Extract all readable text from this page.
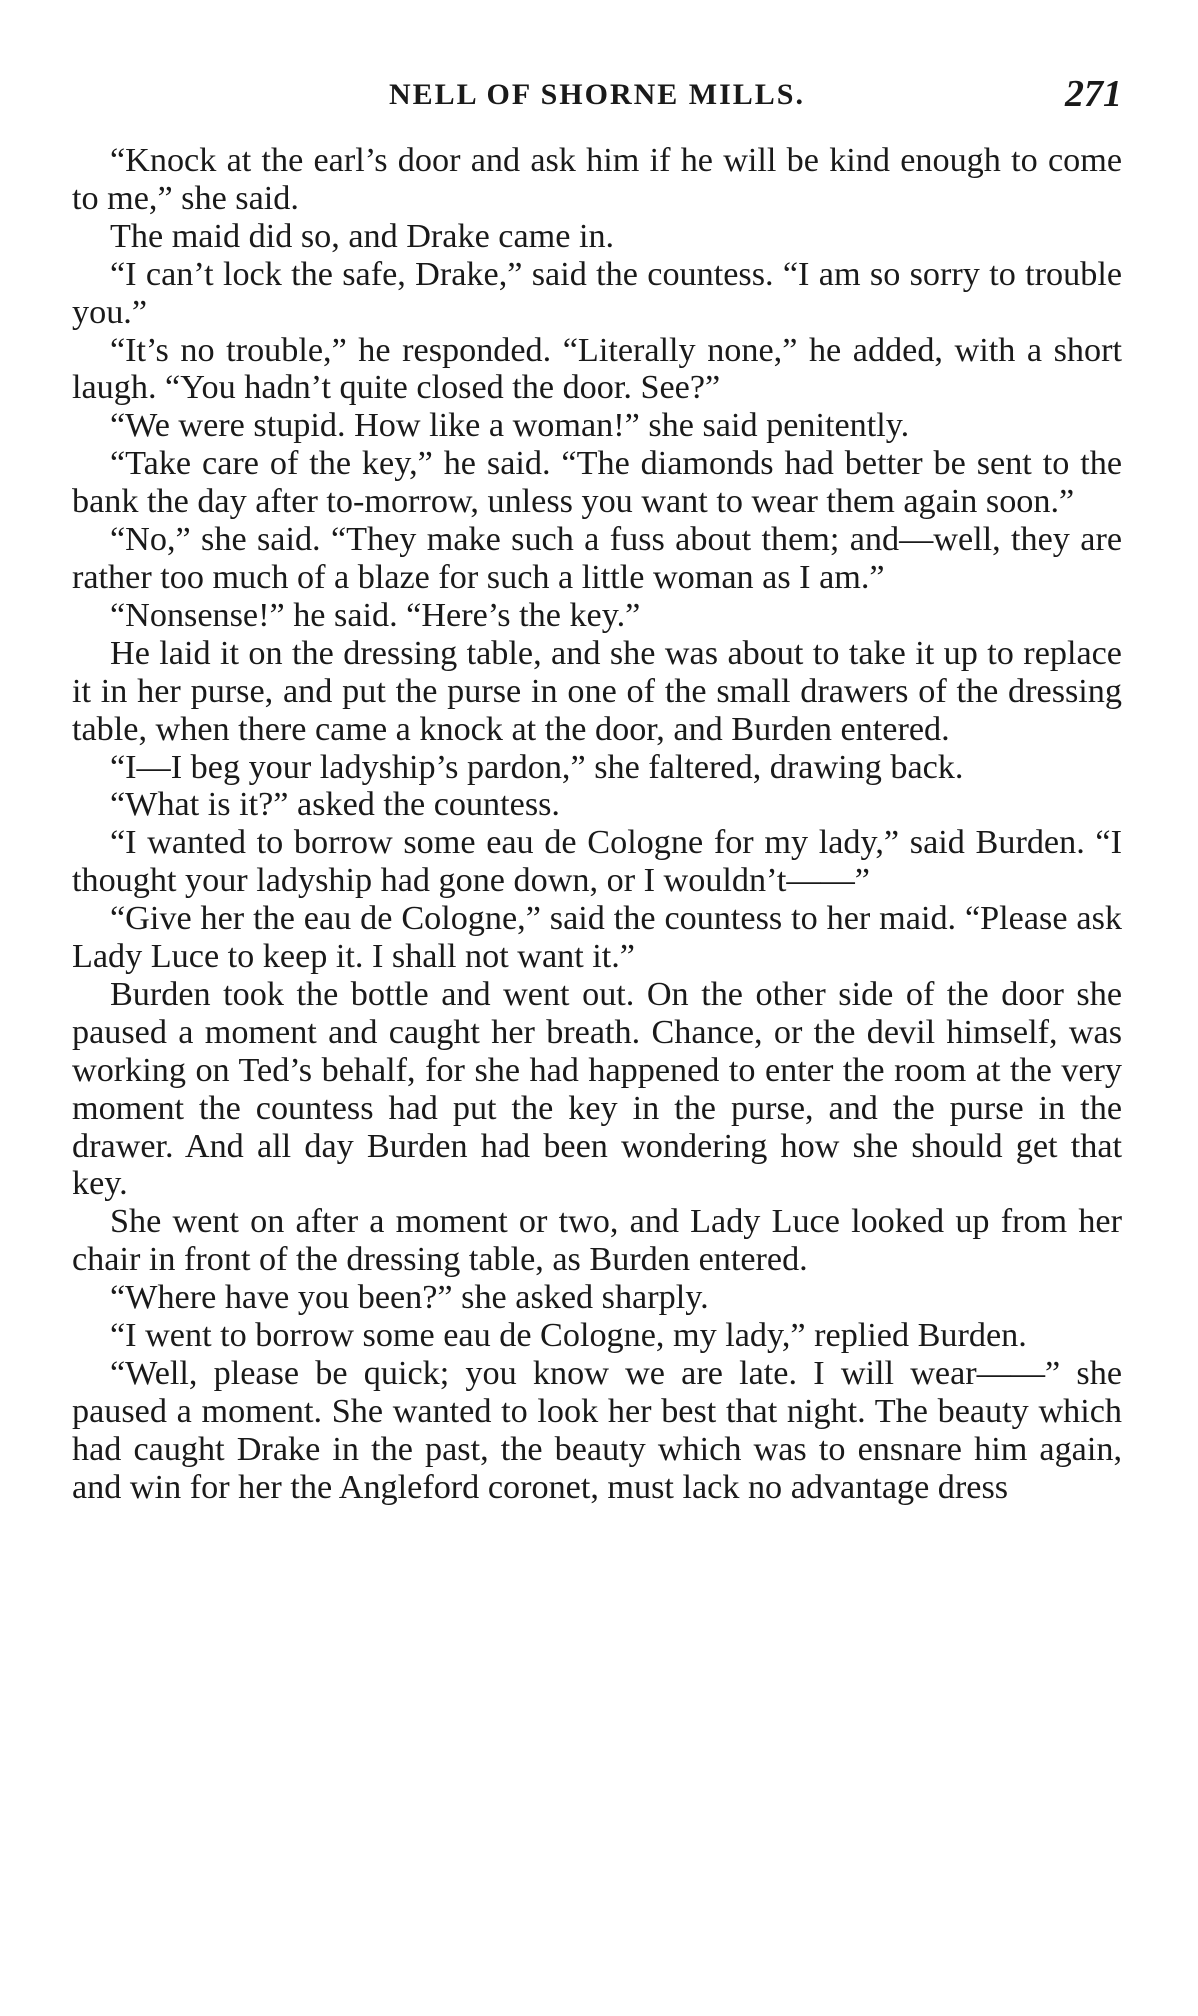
NELL OF SHORNE MILLS.	271

“Knock at the earl’s door and ask him if he will be kind enough to come to me,” she said.

The maid did so, and Drake came in.

“I can’t lock the safe, Drake,” said the countess. “I am so sorry to trouble you.”

“It’s no trouble,” he responded. “Literally none,” he added, with a short laugh. “You hadn’t quite closed the door. See?”

“We were stupid. How like a woman!” she said penitently.

“Take care of the key,” he said. “The diamonds had better be sent to the bank the day after to-morrow, unless you want to wear them again soon.”

“No,” she said. “They make such a fuss about them; and—well, they are rather too much of a blaze for such a little woman as I am.”

“Nonsense!” he said. “Here’s the key.”

He laid it on the dressing table, and she was about to take it up to replace it in her purse, and put the purse in one of the small drawers of the dressing table, when there came a knock at the door, and Burden entered.

“I—I beg your ladyship’s pardon,” she faltered, drawing back.

“What is it?” asked the countess.

“I wanted to borrow some eau de Cologne for my lady,” said Burden. “I thought your ladyship had gone down, or I wouldn’t——”

“Give her the eau de Cologne,” said the countess to her maid. “Please ask Lady Luce to keep it. I shall not want it.”

Burden took the bottle and went out. On the other side of the door she paused a moment and caught her breath. Chance, or the devil himself, was working on Ted’s behalf, for she had happened to enter the room at the very moment the countess had put the key in the purse, and the purse in the drawer. And all day Burden had been wondering how she should get that key.

She went on after a moment or two, and Lady Luce looked up from her chair in front of the dressing table, as Burden entered.

“Where have you been?” she asked sharply.

“I went to borrow some eau de Cologne, my lady,” replied Burden.

“Well, please be quick; you know we are late. I will wear——” she paused a moment. She wanted to look her best that night. The beauty which had caught Drake in the past, the beauty which was to ensnare him again, and win for her the Angleford coronet, must lack no advantage dress
